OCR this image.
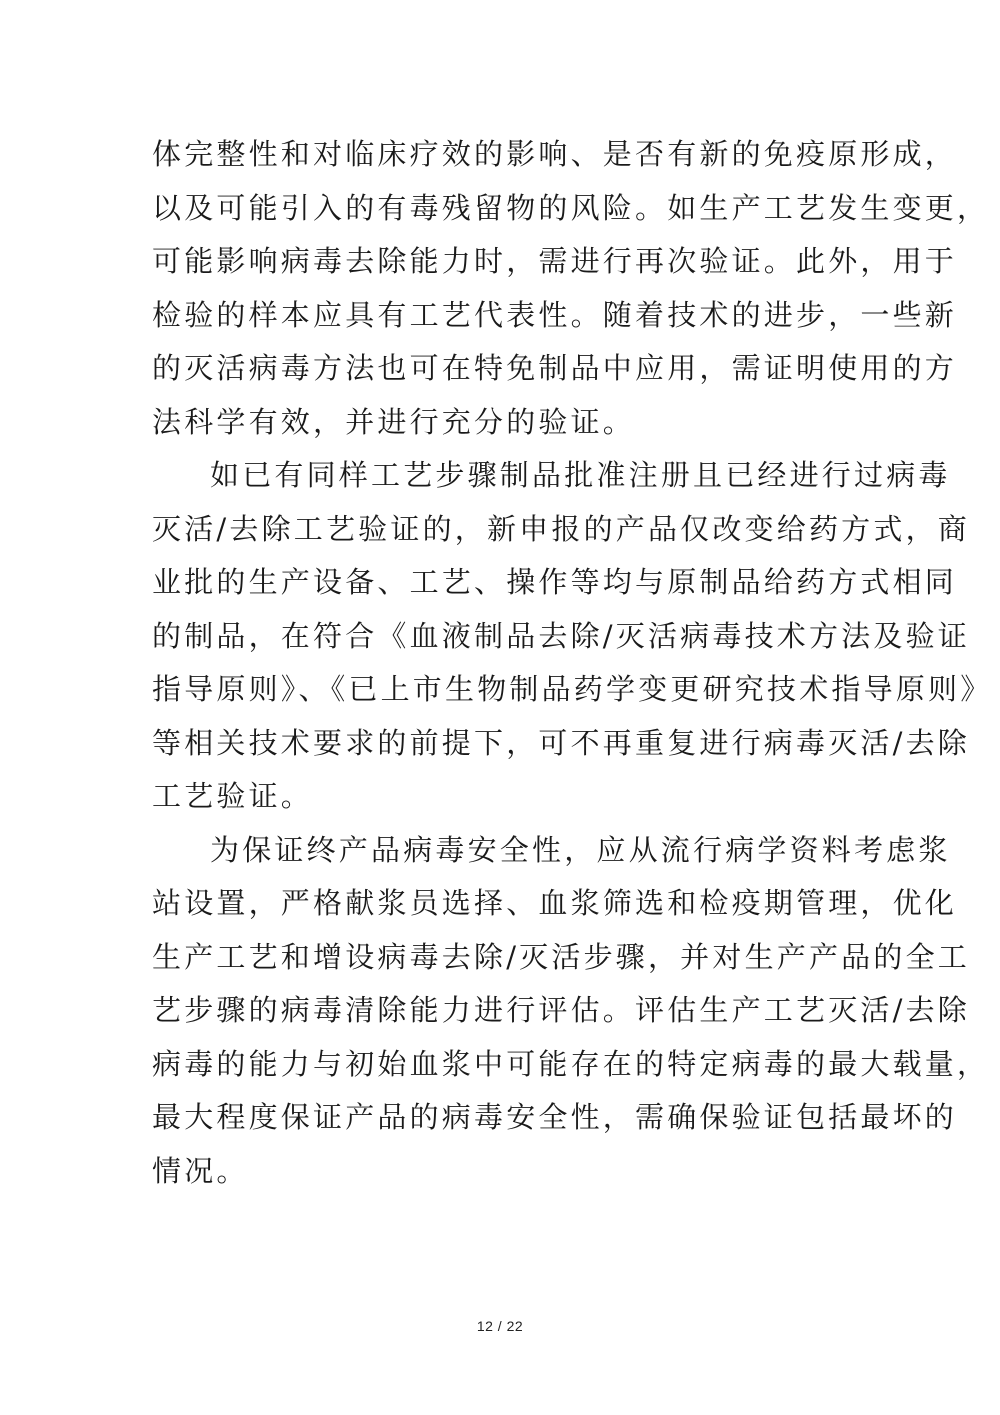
体完整性和对临床疗效的影响、是否有新的免疫原形成，
以及可能引入的有毒残留物的风险。如生产工艺发生变更，
可能影响病毒去除能力时，需进行再次验证。此外，用于
检验的样本应具有工艺代表性。随着技术的进步，一些新
的灭活病毒方法也可在特免制品中应用，需证明使用的方
法科学有效，并进行充分的验证。
如已有同样工艺步骤制品批准注册且已经进行过病毒
灭活/去除工艺验证的，新申报的产品仅改变给药方式，商
业批的生产设备、工艺、操作等均与原制品给药方式相同
的制品，在符合《血液制品去除/灭活病毒技术方法及验证
指导原则》、《已上市生物制品药学变更研究技术指导原则》
等相关技术要求的前提下，可不再重复进行病毒灭活/去除
工艺验证。
为保证终产品病毒安全性，应从流行病学资料考虑浆
站设置，严格献浆员选择、血浆筛选和检疫期管理，优化
生产工艺和增设病毒去除/灭活步骤，并对生产产品的全工
艺步骤的病毒清除能力进行评估。评估生产工艺灭活/去除
病毒的能力与初始血浆中可能存在的特定病毒的最大载量，
最大程度保证产品的病毒安全性，需确保验证包括最坏的
情况。
12 / 22
